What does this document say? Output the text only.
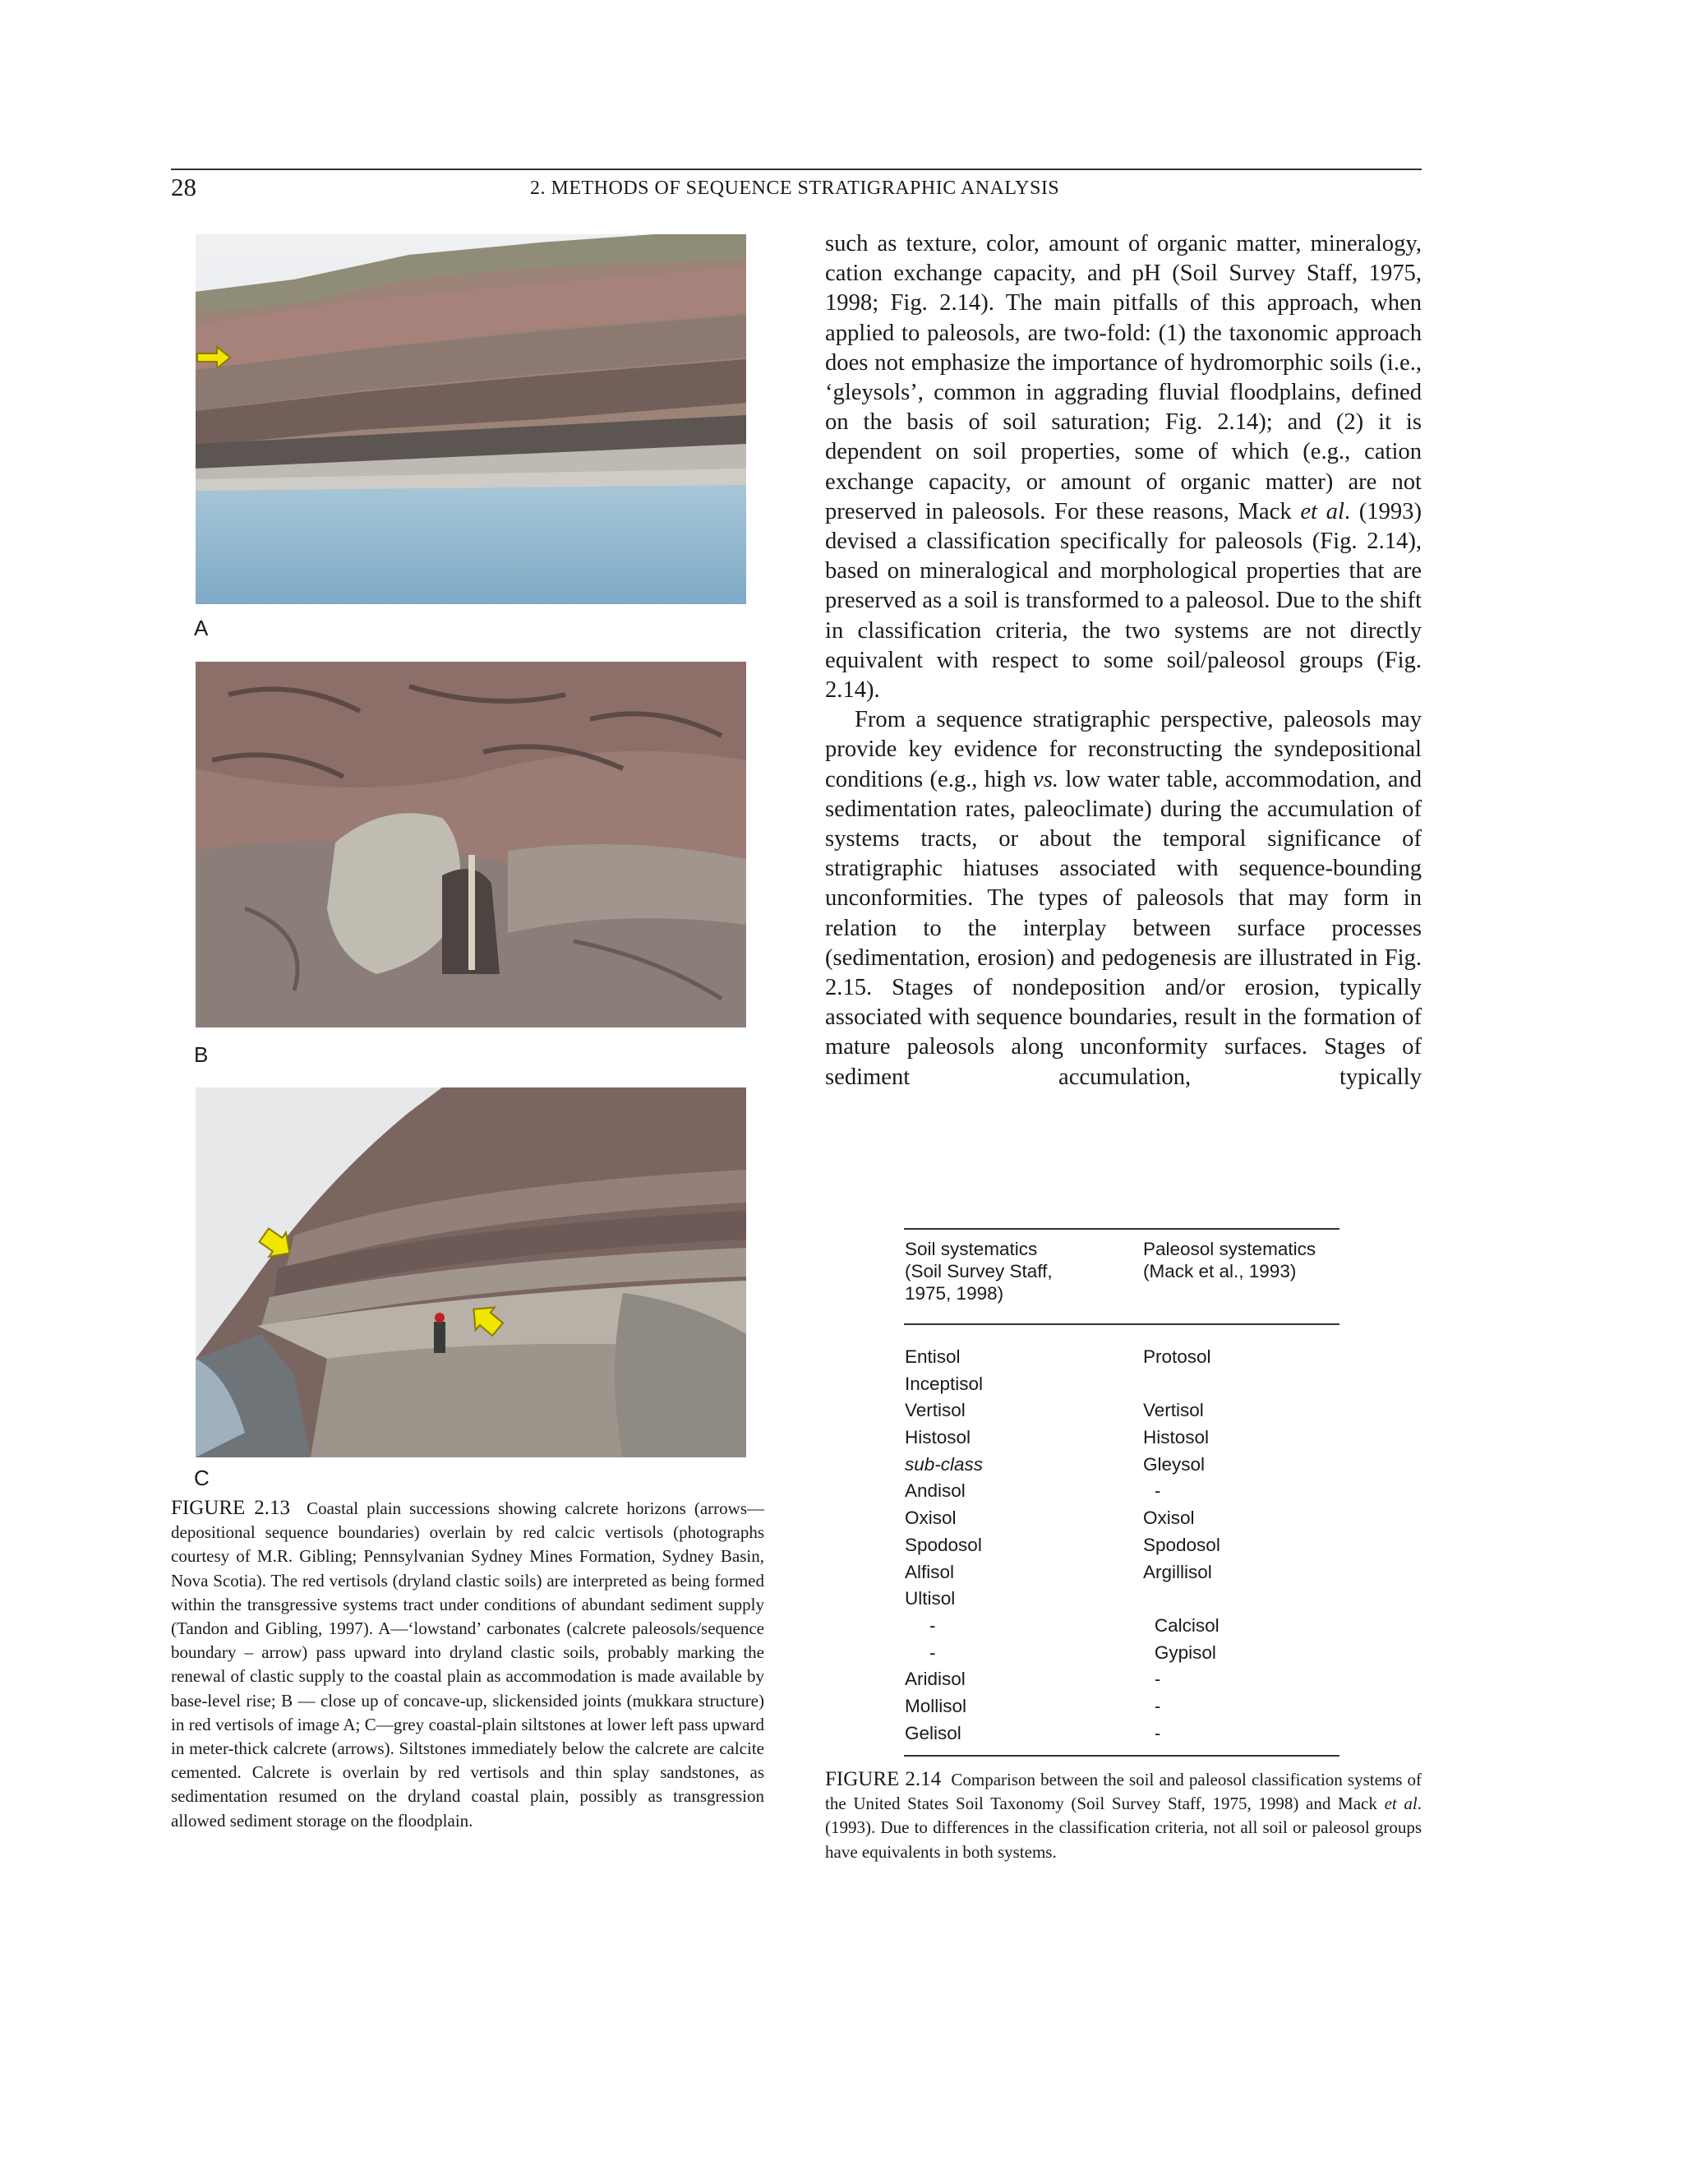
28	2. METHODS OF SEQUENCE STRATIGRAPHIC ANALYSIS
A
B
C
FIGURE 2.13 Coastal plain successions showing calcrete horizons (arrows—depositional sequence boundaries) overlain by red calcic vertisols (photographs courtesy of M.R. Gibling; Pennsylvanian Sydney Mines Formation, Sydney Basin, Nova Scotia). The red vertisols (dryland clastic soils) are interpreted as being formed within the transgressive systems tract under conditions of abundant sediment supply (Tandon and Gibling, 1997). A—‘lowstand’ carbonates (calcrete paleosols/sequence boundary – arrow) pass upward into dryland clastic soils, probably marking the renewal of clastic supply to the coastal plain as accommodation is made available by base-level rise; B — close up of concave-up, slickensided joints (mukkara structure) in red vertisols of image A; C—grey coastal-plain siltstones at lower left pass upward in meter-thick calcrete (arrows). Siltstones immediately below the calcrete are calcite cemented. Calcrete is overlain by red vertisols and thin splay sandstones, as sedimentation resumed on the dryland coastal plain, possibly as transgression allowed sediment storage on the floodplain.

such as texture, color, amount of organic matter, mineralogy, cation exchange capacity, and pH (Soil Survey Staff, 1975, 1998; Fig. 2.14). The main pitfalls of this approach, when applied to paleosols, are two-fold: (1) the taxonomic approach does not emphasize the importance of hydromorphic soils (i.e., ‘gleysols’, common in aggrading fluvial floodplains, defined on the basis of soil saturation; Fig. 2.14); and (2) it is dependent on soil properties, some of which (e.g., cation exchange capacity, or amount of organic matter) are not preserved in paleosols. For these reasons, Mack et al. (1993) devised a classification specifically for paleosols (Fig. 2.14), based on mineralogical and morphological properties that are preserved as a soil is transformed to a paleosol. Due to the shift in classification criteria, the two systems are not directly equivalent with respect to some soil/paleosol groups (Fig. 2.14).

From a sequence stratigraphic perspective, paleosols may provide key evidence for reconstructing the syndepositional conditions (e.g., high vs. low water table, accommodation, and sedimentation rates, paleoclimate) during the accumulation of systems tracts, or about the temporal significance of stratigraphic hiatuses associated with sequence-bounding unconformities. The types of paleosols that may form in relation to the interplay between surface processes (sedimentation, erosion) and pedogenesis are illustrated in Fig. 2.15. Stages of nondeposition and/or erosion, typically associated with sequence boundaries, result in the formation of mature paleosols along unconformity surfaces. Stages of sediment accumulation, typically

Soil systematics
(Soil Survey Staff,
1975, 1998)
Paleosol systematics
(Mack et al., 1993)
Entisol	Protosol
Inceptisol
Vertisol	Vertisol
Histosol	Histosol
sub-class	Gleysol
Andisol	-
Oxisol	Oxisol
Spodosol	Spodosol
Alfisol	Argillisol
Ultisol
-	Calcisol
-	Gypisol
Aridisol	-
Mollisol	-
Gelisol	-
FIGURE 2.14 Comparison between the soil and paleosol classification systems of the United States Soil Taxonomy (Soil Survey Staff, 1975, 1998) and Mack et al. (1993). Due to differences in the classification criteria, not all soil or paleosol groups have equivalents in both systems.
